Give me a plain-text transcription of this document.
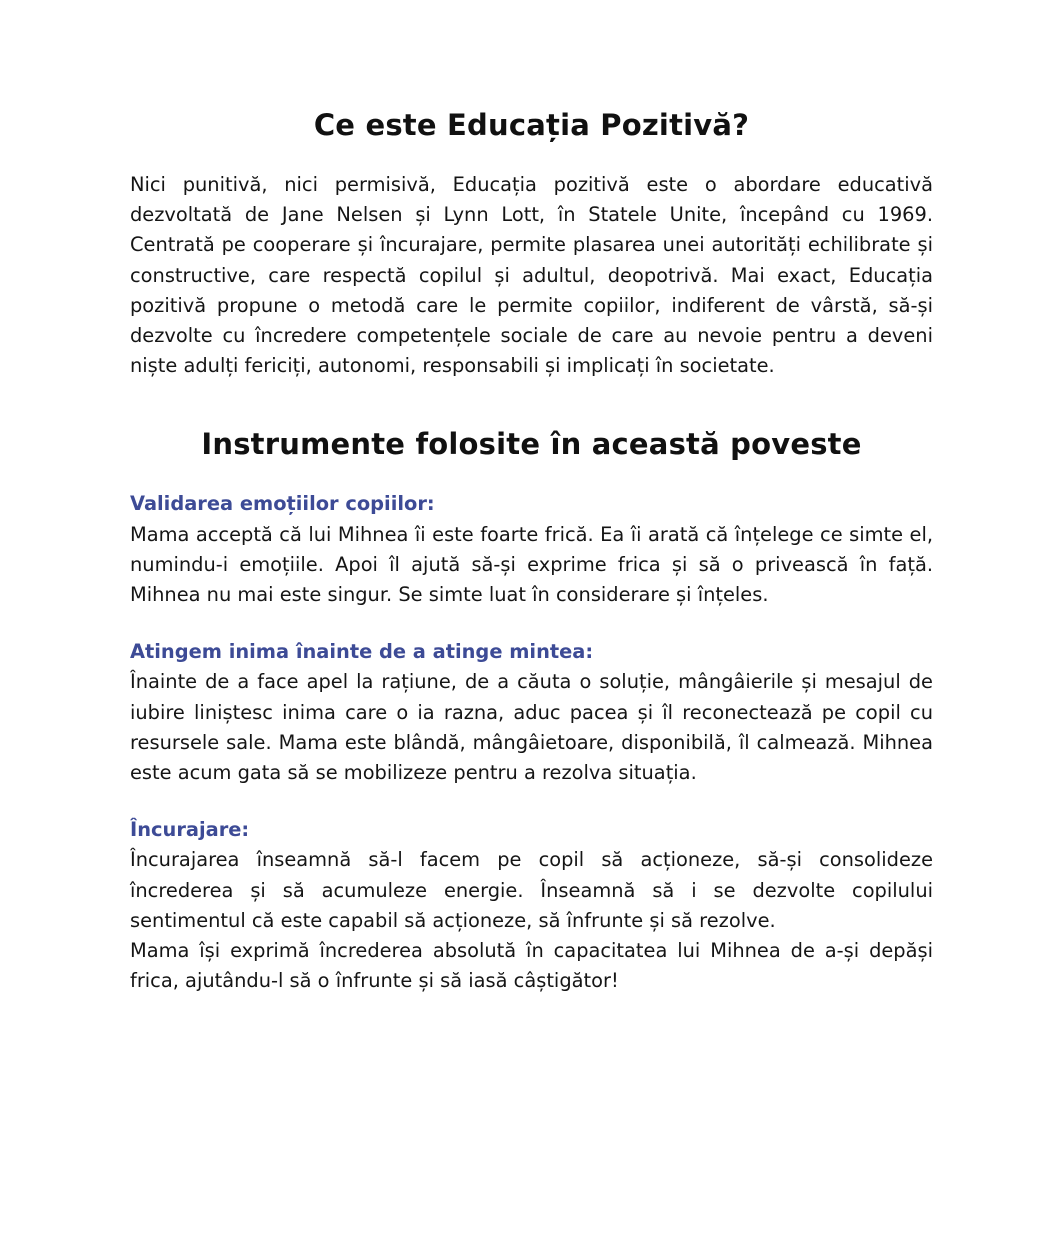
Ce este Educația Pozitivă?

Nici punitivă, nici permisivă, Educația pozitivă este o abordare educativă dezvoltată de Jane Nelsen și Lynn Lott, în Statele Unite, începând cu 1969. Centrată pe cooperare și încurajare, permite plasarea unei autorități echilibrate și constructive, care respectă copilul și adultul, deopotrivă. Mai exact, Educația pozitivă propune o metodă care le permite copiilor, indiferent de vârstă, să-și dezvolte cu încredere competențele sociale de care au nevoie pentru a deveni niște adulți fericiți, autonomi, responsabili și implicați în societate.

Instrumente folosite în această poveste
Validarea emoțiilor copiilor:

Mama acceptă că lui Mihnea îi este foarte frică. Ea îi arată că înțelege ce simte el, numindu-i emoțiile. Apoi îl ajută să-și exprime frica și să o privească în față. Mihnea nu mai este singur. Se simte luat în considerare și înțeles.

Atingem inima înainte de a atinge mintea:

Înainte de a face apel la rațiune, de a căuta o soluție, mângâierile și mesajul de iubire liniștesc inima care o ia razna, aduc pacea și îl reconectează pe copil cu resursele sale. Mama este blândă, mângâietoare, disponibilă, îl calmează. Mihnea este acum gata să se mobilizeze pentru a rezolva situația.

Încurajare:

Încurajarea înseamnă să-l facem pe copil să acționeze, să-și consolideze încrederea și să acumuleze energie. Înseamnă să i se dezvolte copilului sentimentul că este capabil să acționeze, să înfrunte și să rezolve.

Mama își exprimă încrederea absolută în capacitatea lui Mihnea de a-și depăși frica, ajutându-l să o înfrunte și să iasă câștigător!
